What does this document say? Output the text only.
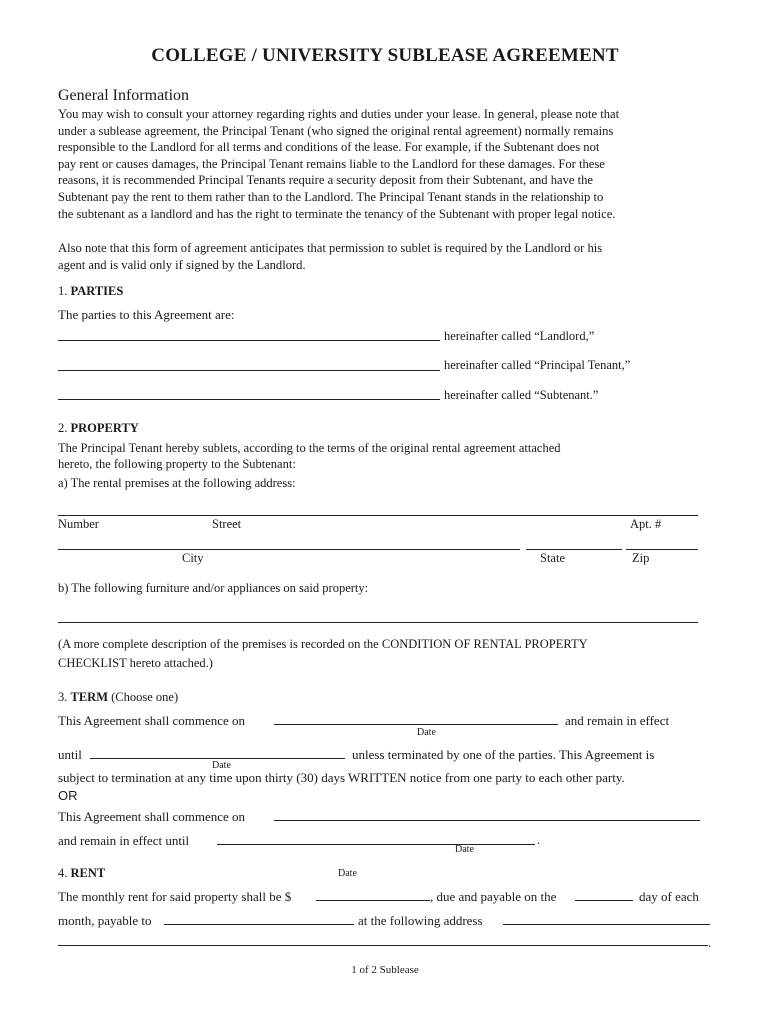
COLLEGE / UNIVERSITY SUBLEASE AGREEMENT
General Information
You may wish to consult your attorney regarding rights and duties under your lease. In general, please note that
under a sublease agreement, the Principal Tenant (who signed the original rental agreement) normally remains
responsible to the Landlord for all terms and conditions of the lease. For example, if the Subtenant does not
pay rent or causes damages, the Principal Tenant remains liable to the Landlord for these damages. For these
reasons, it is recommended Principal Tenants require a security deposit from their Subtenant, and have the
Subtenant pay the rent to them rather than to the Landlord. The Principal Tenant stands in the relationship to
the subtenant as a landlord and has the right to terminate the tenancy of the Subtenant with proper legal notice.
Also note that this form of agreement anticipates that permission to sublet is required by the Landlord or his
agent and is valid only if signed by the Landlord.
1. PARTIES
The parties to this Agreement are:
hereinafter called “Landlord,”
hereinafter called “Principal Tenant,”
hereinafter called “Subtenant.”
2. PROPERTY
The Principal Tenant hereby sublets, according to the terms of the original rental agreement attached
hereto, the following property to the Subtenant:
a) The rental premises at the following address:
Number	Street	Apt. #
City	State	Zip
b) The following furniture and/or appliances on said property:
(A more complete description of the premises is recorded on the CONDITION OF RENTAL PROPERTY
CHECKLIST hereto attached.)
3. TERM (Choose one)
This Agreement shall commence on
Date
and remain in effect
until
Date
unless terminated by one of the parties. This Agreement is
subject to termination at any time upon thirty (30) days WRITTEN notice from one party to each other party.
OR
This Agreement shall commence on
and remain in effect until	.
Date
4. RENT	Date
The monthly rent for said property shall be $	, due and payable on the	day of each
month, payable to	at the following address
.
1 of 2 Sublease
